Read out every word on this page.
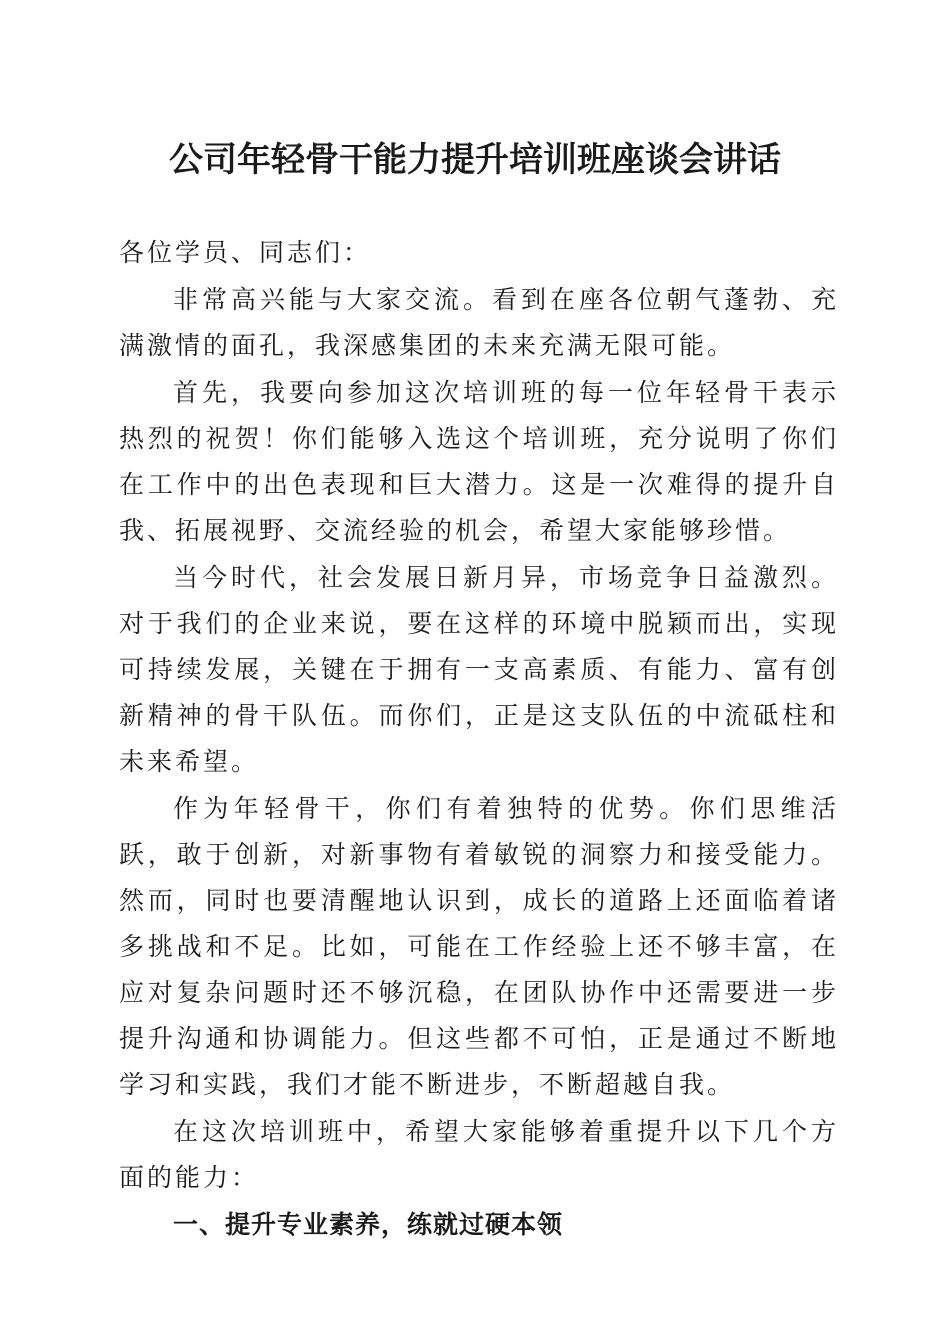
公司年轻骨干能力提升培训班座谈会讲话

各位学员、同志们：

非常高兴能与大家交流。看到在座各位朝气蓬勃、充满激情的面孔，我深感集团的未来充满无限可能。

首先，我要向参加这次培训班的每一位年轻骨干表示热烈的祝贺！你们能够入选这个培训班，充分说明了你们在工作中的出色表现和巨大潜力。这是一次难得的提升自我、拓展视野、交流经验的机会，希望大家能够珍惜。

当今时代，社会发展日新月异，市场竞争日益激烈。对于我们的企业来说，要在这样的环境中脱颖而出，实现可持续发展，关键在于拥有一支高素质、有能力、富有创新精神的骨干队伍。而你们，正是这支队伍的中流砥柱和未来希望。

作为年轻骨干，你们有着独特的优势。你们思维活跃，敢于创新，对新事物有着敏锐的洞察力和接受能力。然而，同时也要清醒地认识到，成长的道路上还面临着诸多挑战和不足。比如，可能在工作经验上还不够丰富，在应对复杂问题时还不够沉稳，在团队协作中还需要进一步提升沟通和协调能力。但这些都不可怕，正是通过不断地学习和实践，我们才能不断进步，不断超越自我。

在这次培训班中，希望大家能够着重提升以下几个方面的能力：

一、提升专业素养，练就过硬本领
